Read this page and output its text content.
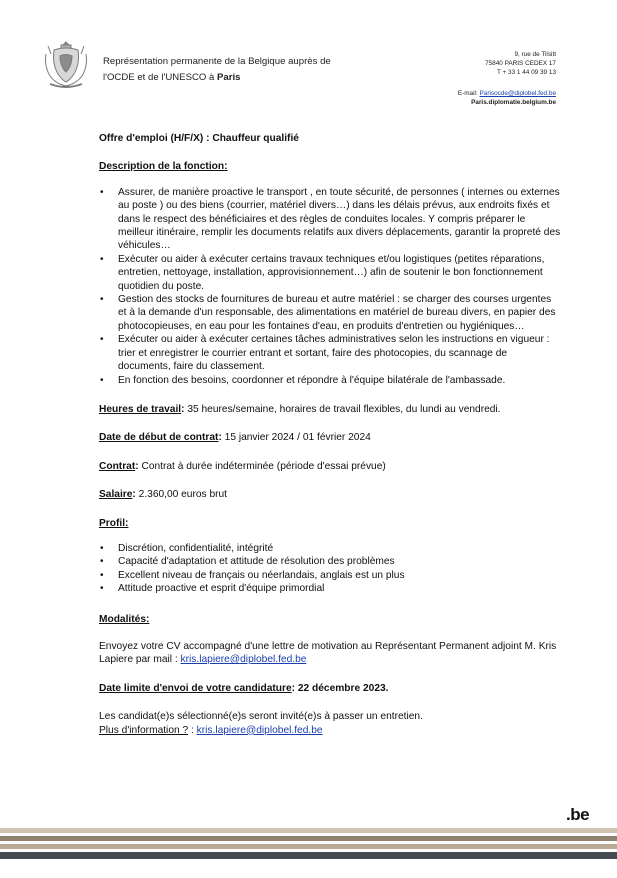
Représentation permanente de la Belgique auprès de
l'OCDE et de l'UNESCO à Paris
9, rue de Tilsitt
75840 PARIS CEDEX 17
T + 33 1 44 09 39 13
E-mail: Parisocde@diplobel.fed.be
Paris.diplomatie.belgium.be
Offre d'emploi (H/F/X) : Chauffeur qualifié
Description de la fonction:
• Assurer, de manière proactive le transport , en toute sécurité, de personnes ( internes ou externes au poste ) ou des biens (courrier, matériel divers…) dans les délais prévus, aux endroits fixés et dans le respect des bénéficiaires et des règles de conduites locales. Y compris préparer le meilleur itinéraire, remplir les documents relatifs aux divers déplacements, garantir la propreté des véhicules…
• Exécuter ou aider à exécuter certains travaux techniques et/ou logistiques (petites réparations, entretien, nettoyage, installation, approvisionnement…) afin de soutenir le bon fonctionnement quotidien du poste.
• Gestion des stocks de fournitures de bureau et autre matériel : se charger des courses urgentes et à la demande d'un responsable, des alimentations en matériel de bureau divers, en papier des photocopieuses, en eau pour les fontaines d'eau, en produits d'entretien ou hygiéniques…
• Exécuter ou aider à exécuter certaines tâches administratives selon les instructions en vigueur : trier et enregistrer le courrier entrant et sortant, faire des photocopies, du scannage de documents, faire du classement.
• En fonction des besoins, coordonner et répondre à l'équipe bilatérale de l'ambassade.
Heures de travail: 35 heures/semaine, horaires de travail flexibles, du lundi au vendredi.
Date de début de contrat: 15 janvier 2024 / 01 février 2024
Contrat: Contrat à durée indéterminée (période d'essai prévue)
Salaire: 2.360,00 euros brut
Profil:
• Discrétion, confidentialité, intégrité
• Capacité d'adaptation et attitude de résolution des problèmes
• Excellent niveau de français ou néerlandais, anglais est un plus
• Attitude proactive et esprit d'équipe primordial
Modalités:
Envoyez votre CV accompagné d'une lettre de motivation au Représentant Permanent adjoint M. Kris Lapiere par mail : kris.lapiere@diplobel.fed.be
Date limite d'envoi de votre candidature: 22 décembre 2023.
Les candidat(e)s sélectionné(e)s seront invité(e)s à passer un entretien.
Plus d'information ? : kris.lapiere@diplobel.fed.be
.be
